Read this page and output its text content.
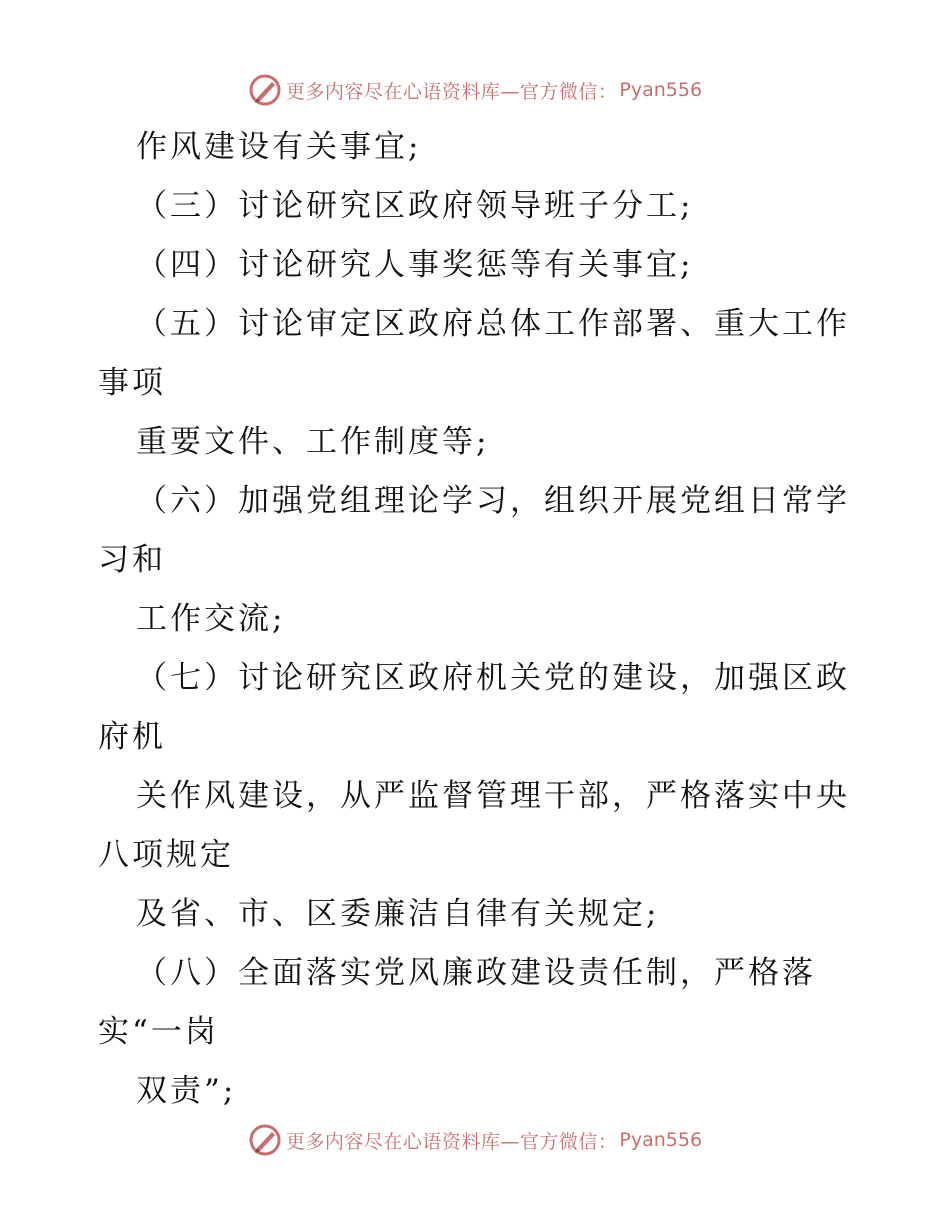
更多内容尽在心语资料库—官方微信： Pyan556
作风建设有关事宜;
（三）讨论研究区政府领导班子分工;
（四）讨论研究人事奖惩等有关事宜;
（五）讨论审定区政府总体工作部署、重大工作
事项
重要文件、工作制度等;
（六）加强党组理论学习，组织开展党组日常学
习和
工作交流;
（七）讨论研究区政府机关党的建设，加强区政
府机
关作风建设，从严监督管理干部，严格落实中央
八项规定
及省、市、区委廉洁自律有关规定;
（八）全面落实党风廉政建设责任制，严格落
实“一岗
双责”;
更多内容尽在心语资料库—官方微信： Pyan556
